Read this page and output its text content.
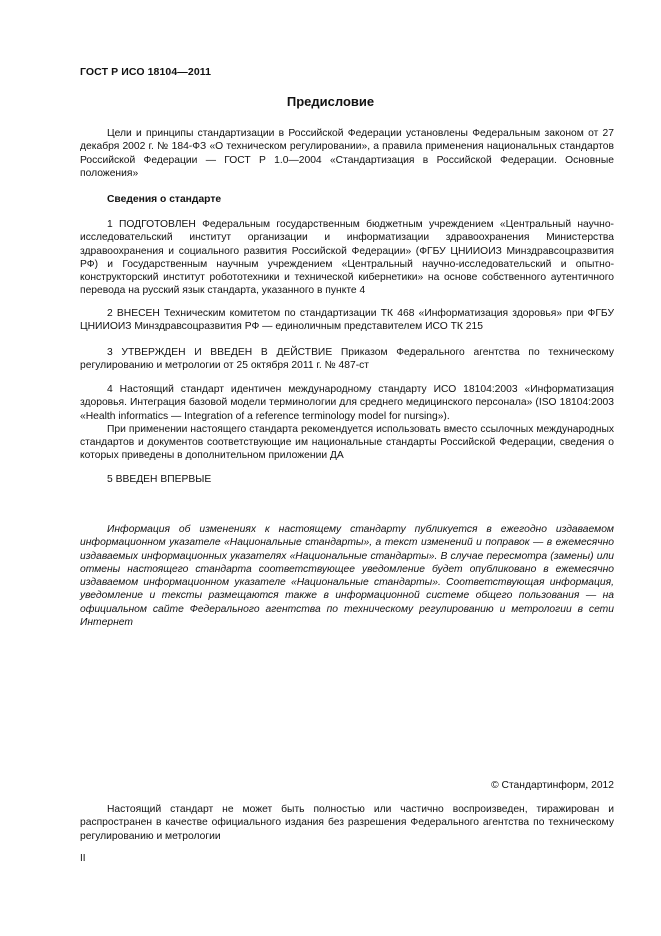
ГОСТ Р ИСО 18104—2011
Предисловие

Цели и принципы стандартизации в Российской Федерации установлены Федеральным законом от 27 декабря 2002 г. № 184-ФЗ «О техническом регулировании», а правила применения национальных стандартов Российской Федерации — ГОСТ Р 1.0—2004 «Стандартизация в Российской Федерации. Основные положения»

Сведения о стандарте

1 ПОДГОТОВЛЕН Федеральным государственным бюджетным учреждением «Центральный научно-исследовательский институт организации и информатизации здравоохранения Министерства здравоохранения и социального развития Российской Федерации» (ФГБУ ЦНИИОИЗ Минздравсоцразвития РФ) и Государственным научным учреждением «Центральный научно-исследовательский и опытно-конструкторский институт робототехники и технической кибернетики» на основе собственного аутентичного перевода на русский язык стандарта, указанного в пункте 4

2 ВНЕСЕН Техническим комитетом по стандартизации ТК 468 «Информатизация здоровья» при ФГБУ ЦНИИОИЗ Минздравсоцразвития РФ — единоличным представителем ИСО ТК 215

3 УТВЕРЖДЕН И ВВЕДЕН В ДЕЙСТВИЕ Приказом Федерального агентства по техническому регулированию и метрологии от 25 октября 2011 г. № 487-ст

4 Настоящий стандарт идентичен международному стандарту ИСО 18104:2003 «Информатизация здоровья. Интеграция базовой модели терминологии для среднего медицинского персонала» (ISO 18104:2003 «Health informatics — Integration of a reference terminology model for nursing»).

При применении настоящего стандарта рекомендуется использовать вместо ссылочных международных стандартов и документов соответствующие им национальные стандарты Российской Федерации, сведения о которых приведены в дополнительном приложении ДА

5 ВВЕДЕН ВПЕРВЫЕ

Информация об изменениях к настоящему стандарту публикуется в ежегодно издаваемом информационном указателе «Национальные стандарты», а текст изменений и поправок — в ежемесячно издаваемых информационных указателях «Национальные стандарты». В случае пересмотра (замены) или отмены настоящего стандарта соответствующее уведомление будет опубликовано в ежемесячно издаваемом информационном указателе «Национальные стандарты». Соответствующая информация, уведомление и тексты размещаются также в информационной системе общего пользования — на официальном сайте Федерального агентства по техническому регулированию и метрологии в сети Интернет

© Стандартинформ, 2012

Настоящий стандарт не может быть полностью или частично воспроизведен, тиражирован и распространен в качестве официального издания без разрешения Федерального агентства по техническому регулированию и метрологии

II
